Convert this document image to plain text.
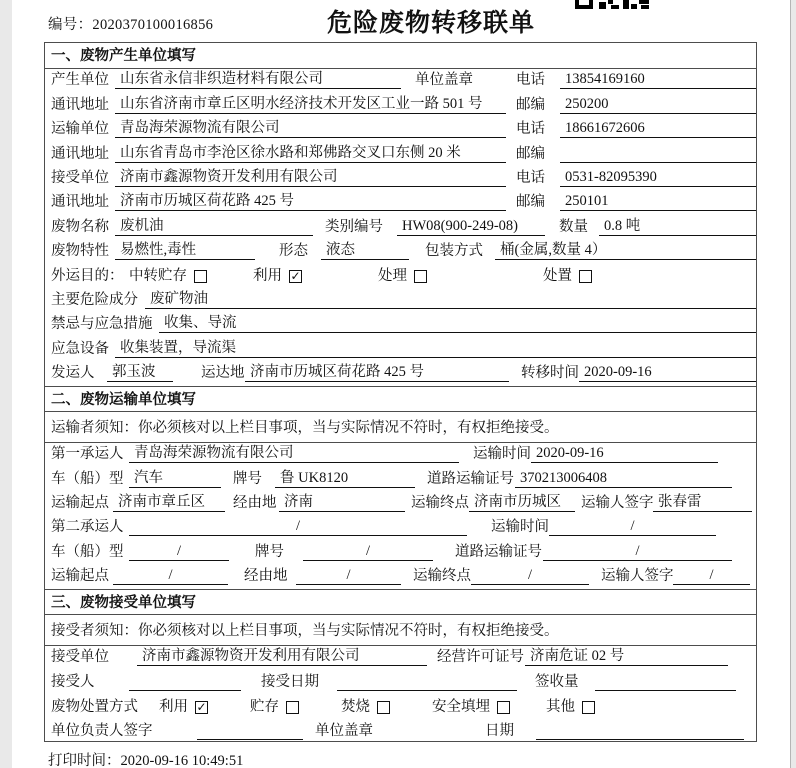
编号：2020370100016856	危险废物转移联单
一、废物产生单位填写
产生单位 山东省永信非织造材料有限公司	单位盖章	电话	13854169160
通讯地址 山东省济南市章丘区明水经济技术开发区工业一路 501 号	邮编	250200
运输单位 青岛海荣源物流有限公司	电话	18661672606
通讯地址 山东省青岛市李沧区徐水路和郑佛路交叉口东侧 20 米	邮编
接受单位 济南市鑫源物资开发利用有限公司	电话	0531-82095390
通讯地址 济南市历城区荷花路 425 号	邮编	250101
废物名称 废机油	类别编号	HW08(900-249-08)	数量	0.8 吨
废物特性 易燃性,毒性	形态	液态	包装方式	桶(金属,数量 4）
外运目的： 中转贮存	利用 ✓	处理	处置
主要危险成分 废矿物油
禁忌与应急措施 收集、导流
应急设备 收集装置，导流渠
发运人	郭玉波	运达地 济南市历城区荷花路 425 号	转移时间 2020-09-16
二、废物运输单位填写
运输者须知：你必须核对以上栏目事项，当与实际情况不符时，有权拒绝接受。
第一承运人 青岛海荣源物流有限公司	运输时间 2020-09-16
车（船）型 汽车	牌号	鲁 UK8120	道路运输证号 370213006408
运输起点 济南市章丘区	经由地 济南	运输终点 济南市历城区	运输人签字 张春雷
第二承运人	/	运输时间	/
车（船）型	/	牌号	/	道路运输证号	/
运输起点	/	经由地	/	运输终点	/	运输人签字	/
三、废物接受单位填写
接受者须知：你必须核对以上栏目事项，当与实际情况不符时，有权拒绝接受。
接受单位	济南市鑫源物资开发利用有限公司	经营许可证号 济南危证 02 号
接受人	接受日期	签收量
废物处置方式 利用 ✓	贮存	焚烧	安全填埋	其他
单位负责人签字	单位盖章	日期
打印时间：2020-09-16 10:49:51
